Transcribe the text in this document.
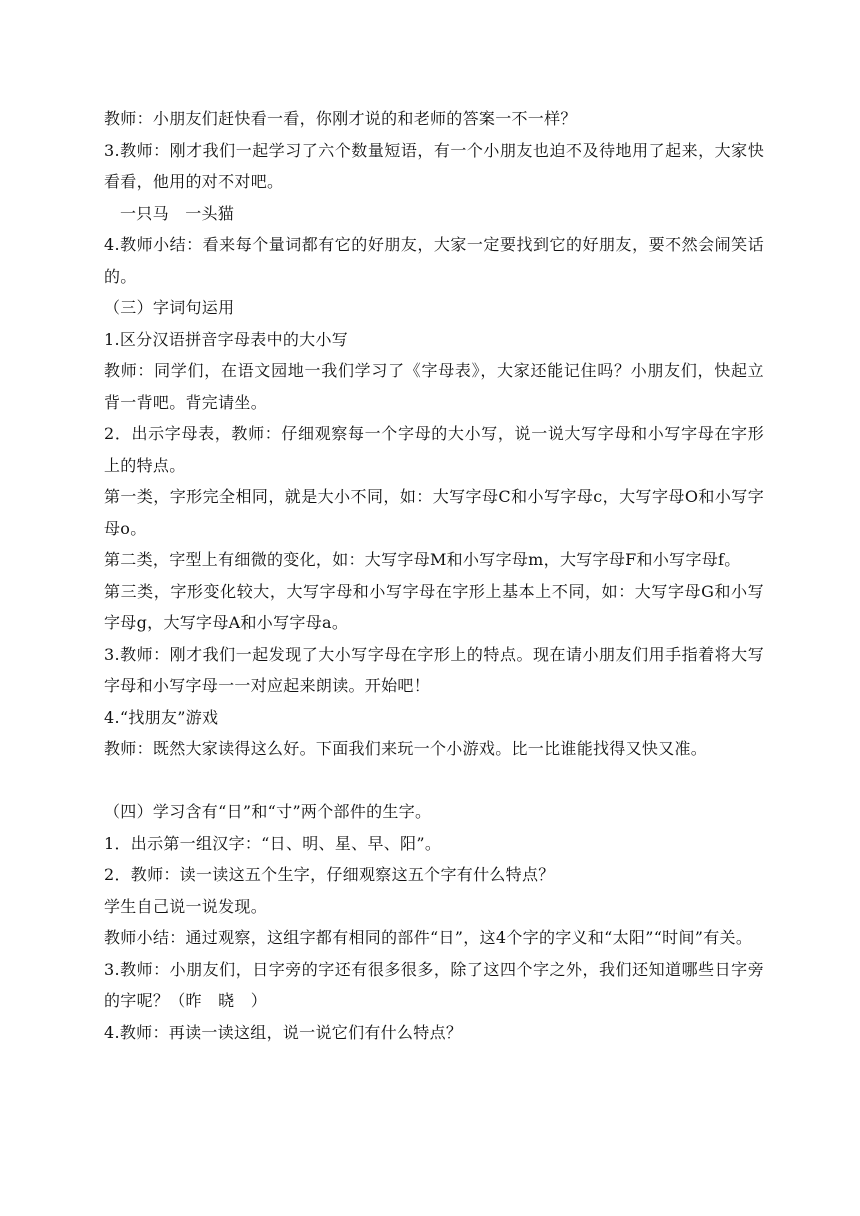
教师：小朋友们赶快看一看，你刚才说的和老师的答案一不一样？

3.教师：刚才我们一起学习了六个数量短语，有一个小朋友也迫不及待地用了起来，大家快看看，他用的对不对吧。

一只马　一头猫

4.教师小结：看来每个量词都有它的好朋友，大家一定要找到它的好朋友，要不然会闹笑话的。

（三）字词句运用

1.区分汉语拼音字母表中的大小写

教师：同学们，在语文园地一我们学习了《字母表》，大家还能记住吗？小朋友们，快起立背一背吧。背完请坐。

2．出示字母表，教师：仔细观察每一个字母的大小写，说一说大写字母和小写字母在字形上的特点。

第一类，字形完全相同，就是大小不同，如：大写字母C和小写字母c，大写字母O和小写字母o。

第二类，字型上有细微的变化，如：大写字母M和小写字母m，大写字母F和小写字母f。

第三类，字形变化较大，大写字母和小写字母在字形上基本上不同，如：大写字母G和小写字母g，大写字母A和小写字母a。

3.教师：刚才我们一起发现了大小写字母在字形上的特点。现在请小朋友们用手指着将大写字母和小写字母一一对应起来朗读。开始吧！

4.“找朋友”游戏

教师：既然大家读得这么好。下面我们来玩一个小游戏。比一比谁能找得又快又准。

（四）学习含有“日”和“寸”两个部件的生字。

1．出示第一组汉字：“日、明、星、早、阳”。

2．教师：读一读这五个生字，仔细观察这五个字有什么特点？

学生自己说一说发现。

教师小结：通过观察，这组字都有相同的部件“日”，这4个字的字义和“太阳”“时间”有关。

3.教师：小朋友们，日字旁的字还有很多很多，除了这四个字之外，我们还知道哪些日字旁的字呢？（昨　晓　）

4.教师：再读一读这组，说一说它们有什么特点？
